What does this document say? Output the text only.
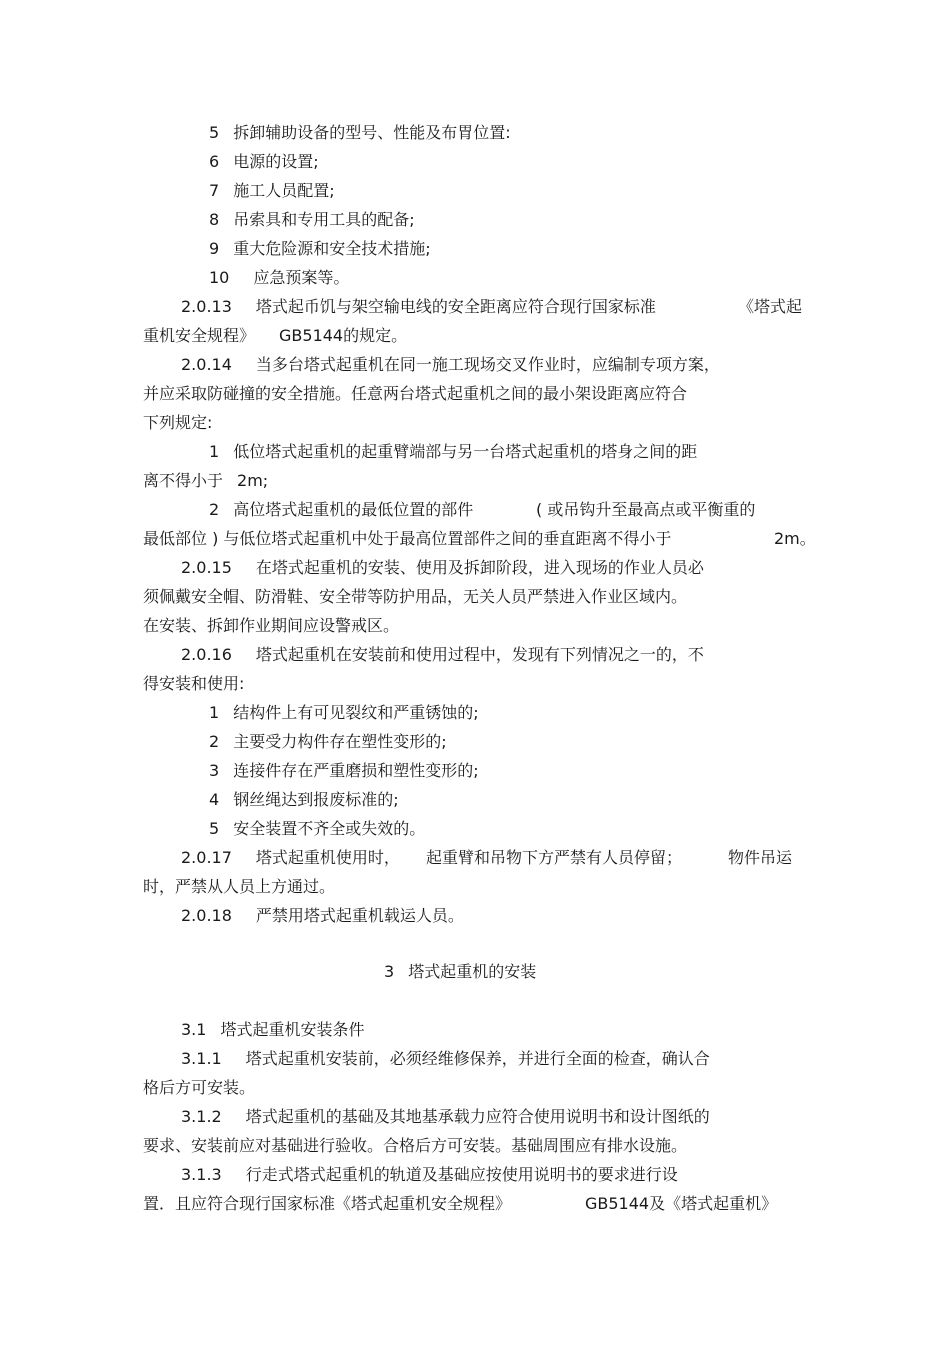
5 拆卸辅助设备的型号、性能及布胃位置:
6 电源的设置;
7 施工人员配置;
8 吊索具和专用工具的配备;
9 重大危险源和安全技术措施;
10 应急预案等。
2.0.13 塔式起币饥与架空输电线的安全距离应符合现行国家标准	《塔式起
重机安全规程》 GB5144的规定。
2.0.14 当多台塔式起重机在同一施工现场交叉作业时，应编制专项方案，
并应采取防碰撞的安全措施。任意两台塔式起重机之间的最小架设距离应符合
下列规定:
1 低位塔式起重机的起重臂端部与另一台塔式起重机的塔身之间的距
离不得小于 2m;
2 高位塔式起重机的最低位置的部件	( 或吊钩升至最高点或平衡重的
最低部位 ) 与低位塔式起重机中处于最高位置部件之间的垂直距离不得小于	2m。
2.0.15 在塔式起重机的安装、使用及拆卸阶段，进入现场的作业人员必
须佩戴安全帽、防滑鞋、安全带等防护用品，无关人员严禁进入作业区域内。
在安装、拆卸作业期间应设警戒区。
2.0.16 塔式起重机在安装前和使用过程中，发现有下列情况之一的，不
得安装和使用:
1 结构件上有可见裂纹和严重锈蚀的;
2 主要受力构件存在塑性变形的;
3 连接件存在严重磨损和塑性变形的;
4 钢丝绳达到报废标准的;
5 安全装置不齐全或失效的。
2.0.17 塔式起重机使用时， 起重臂和吊物下方严禁有人员停留；	物件吊运
时，严禁从人员上方通过。
2.0.18 严禁用塔式起重机载运人员。
3 塔式起重机的安装
3.1 塔式起重机安装条件
3.1.1 塔式起重机安装前，必须经维修保养，并进行全面的检查，确认合
格后方可安装。
3.1.2 塔式起重机的基础及其地基承载力应符合使用说明书和设计图纸的
要求、安装前应对基础进行验收。合格后方可安装。基础周围应有排水设施。
3.1.3 行走式塔式起重机的轨道及基础应按使用说明书的要求进行设
置．且应符合现行国家标准《塔式起重机安全规程》	GB5144及《塔式起重机》
